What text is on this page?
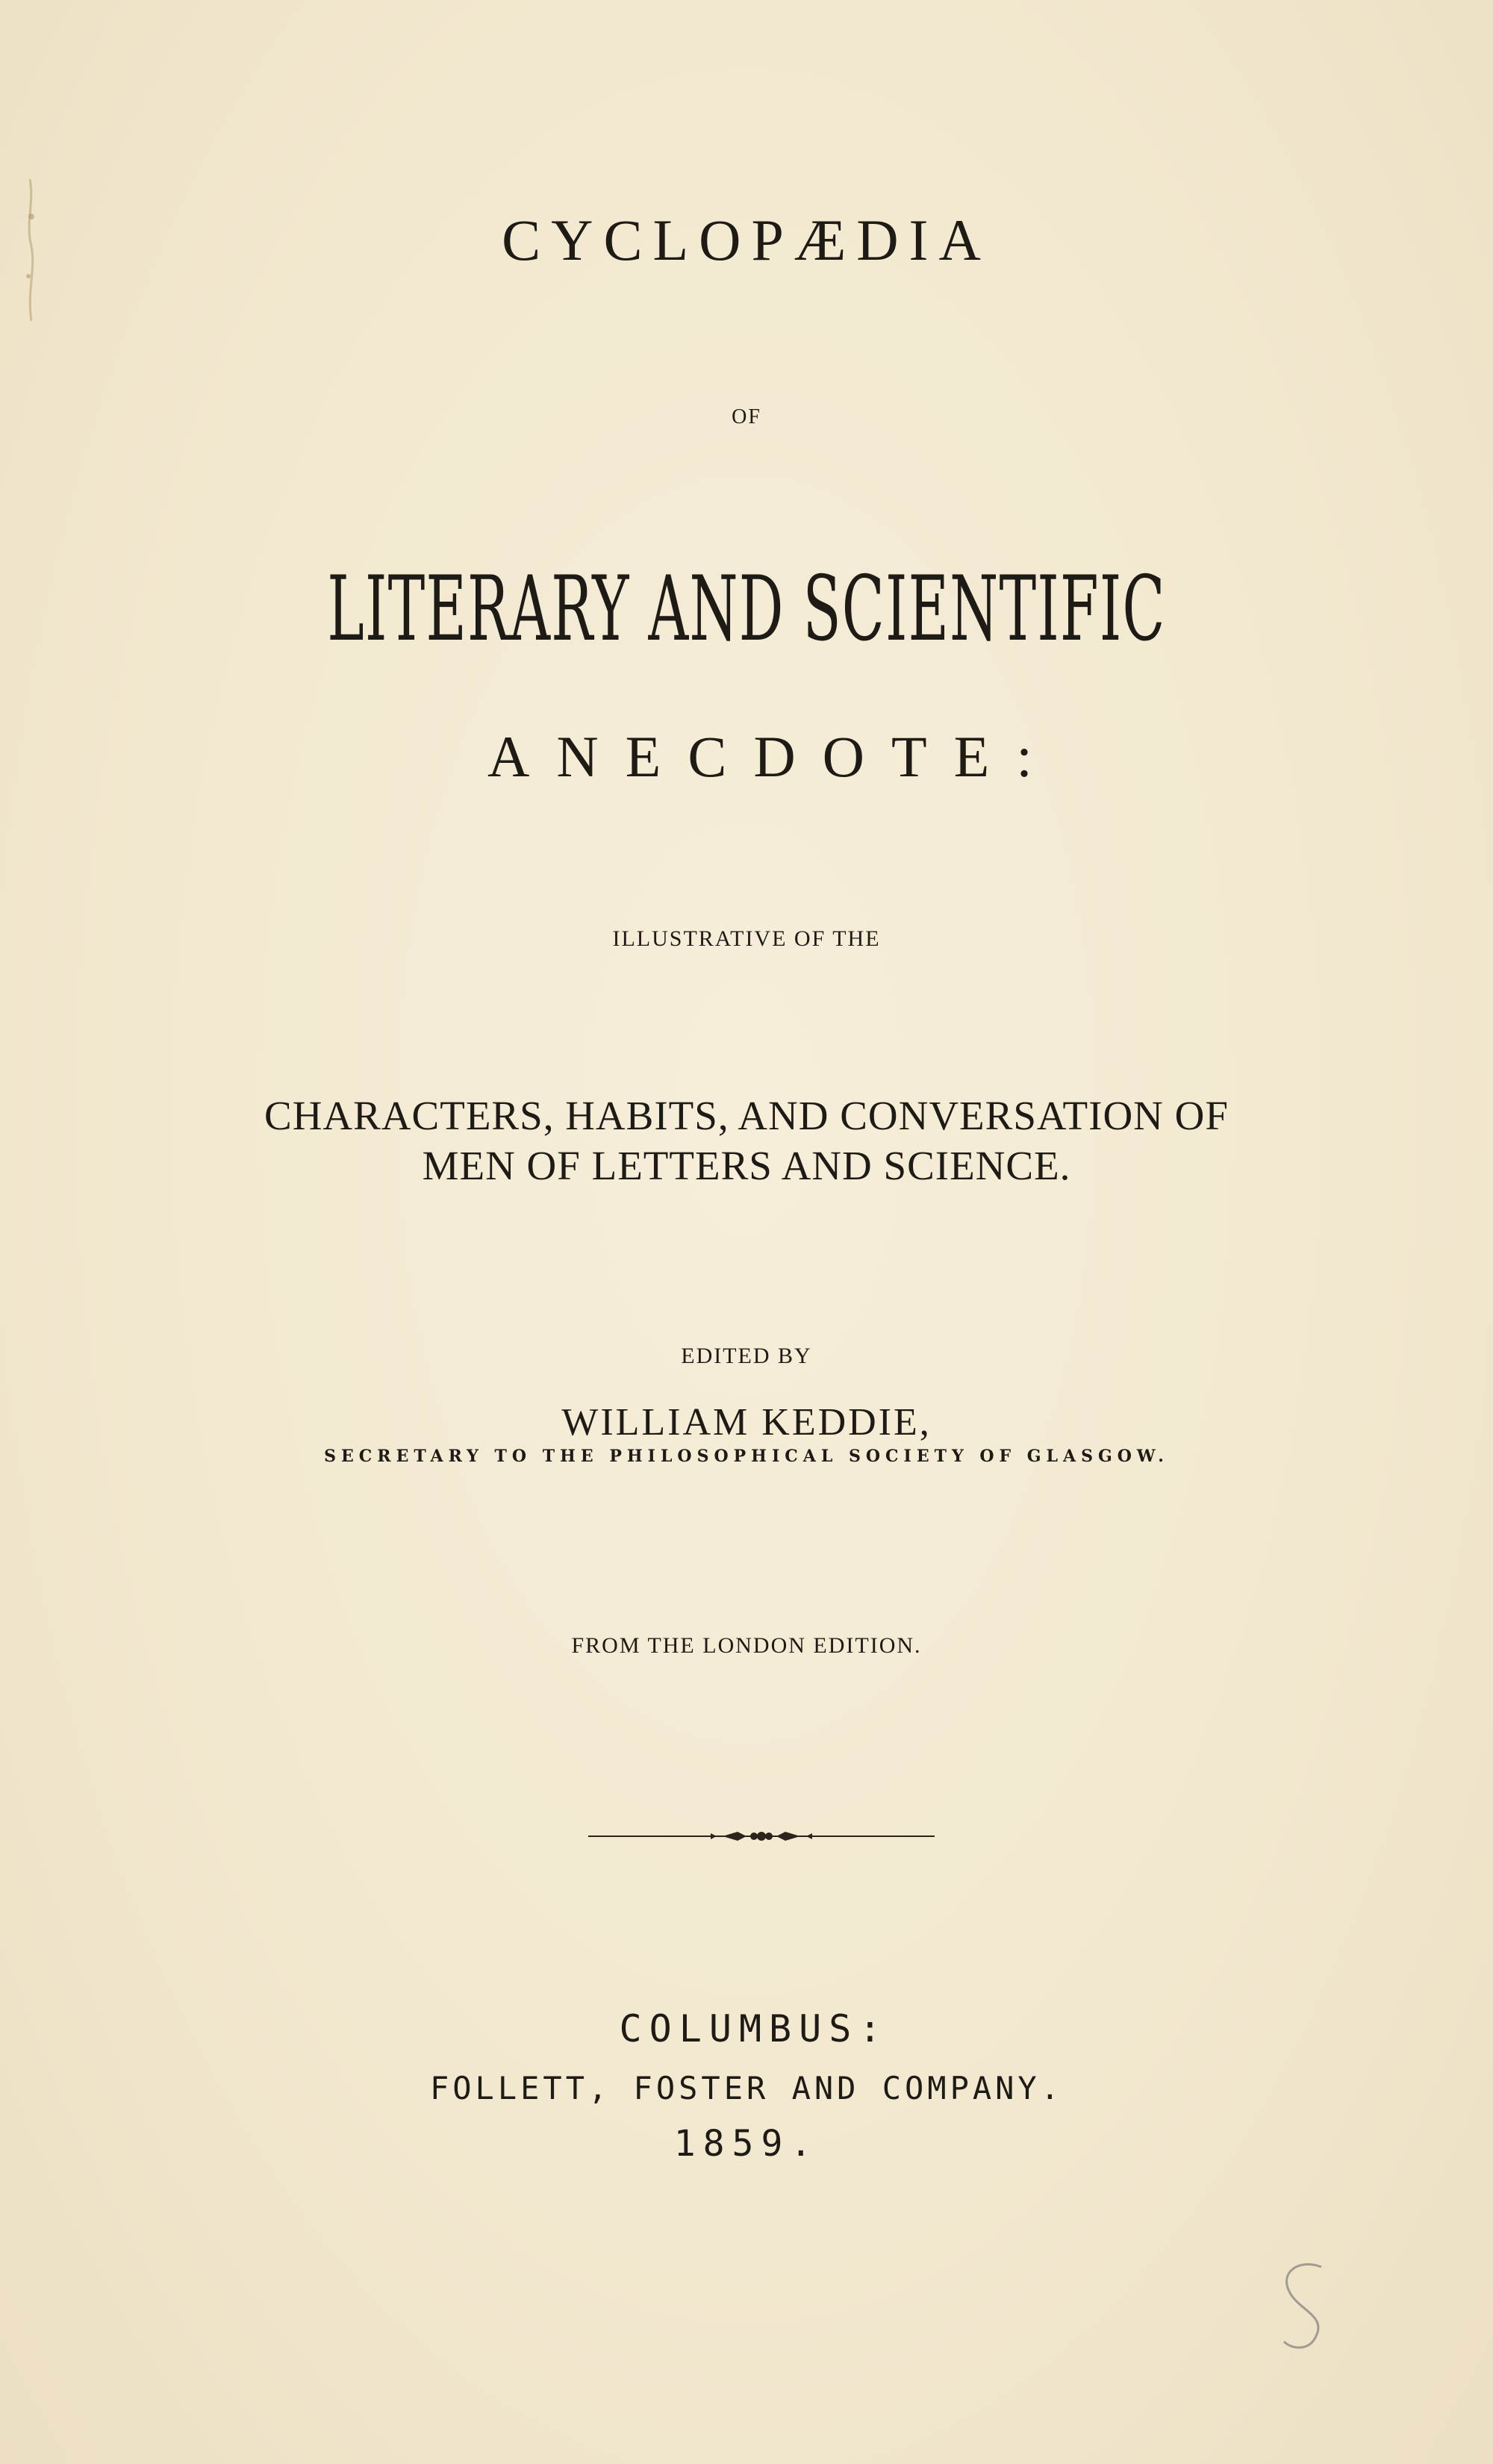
CYCLOPÆDIA
OF
LITERARY AND SCIENTIFIC
ANECDOTE:
ILLUSTRATIVE OF THE
CHARACTERS, HABITS, AND CONVERSATION OF
MEN OF LETTERS AND SCIENCE.
EDITED BY
WILLIAM KEDDIE,
SECRETARY TO THE PHILOSOPHICAL SOCIETY OF GLASGOW.
FROM THE LONDON EDITION.
COLUMBUS:
FOLLETT, FOSTER AND COMPANY.
1859.
